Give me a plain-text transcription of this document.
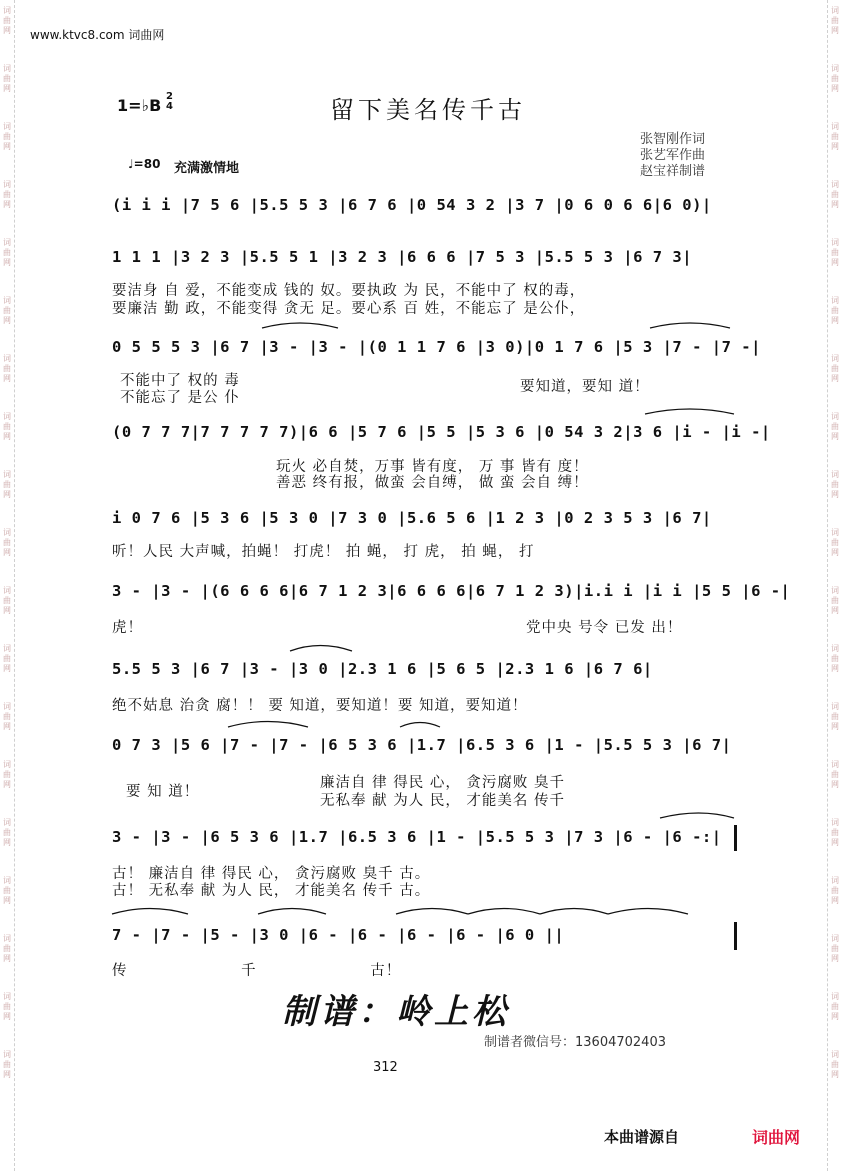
词曲网
词曲网
词曲网
词曲网
词曲网
词曲网
词曲网
词曲网
词曲网
词曲网
词曲网
词曲网
词曲网
词曲网
词曲网
词曲网
词曲网
词曲网
词曲网
词曲网
词曲网
词曲网
词曲网
词曲网
词曲网
词曲网
词曲网
词曲网
词曲网
词曲网
词曲网
词曲网
词曲网
词曲网
词曲网
词曲网
词曲网
词曲网
www.ktvc8.com 词曲网
1=♭B 2
4	留下美名传千古
张智刚作词
张艺军作曲
赵宝祥制谱
♩=80 充满激情地
(i i i |7 5 6 |5.5 5 3 |6 7 6 |0 54 3 2 |3 7 |0 6 0 6 6|6 0)|
1 1 1 |3 2 3 |5.5 5 1 |3 2 3 |6 6 6 |7 5 3 |5.5 5 3 |6 7 3|
要洁身 自 爱，不能变成 钱的 奴。要执政 为 民，不能中了 权的毒，
要廉洁 勤 政，不能变得 贪无 足。要心系 百 姓，不能忘了 是公仆，
0 5 5 5 3 |6 7 |3 - |3 - |(0 1 1 7 6 |3 0)|0 1 7 6 |5 3 |7 - |7 -|
不能中了 权的 毒
不能忘了 是公 仆
要知道，要知 道！
(0 7 7 7|7 7 7 7 7)|6 6 |5 7 6 |5 5 |5 3 6 |0 54 3 2|3 6 |i - |i -|
玩火 必自焚，万事 皆有度， 万 事 皆有 度！
善恶 终有报，做蛮 会自缚， 做 蛮 会自 缚！
i 0 7 6 |5 3 6 |5 3 0 |7 3 0 |5.6 5 6 |1 2 3 |0 2 3 5 3 |6 7|
听！人民 大声喊，拍蝇！ 打虎！ 拍 蝇， 打 虎， 拍 蝇， 打
3 - |3 - |(6 6 6 6|6 7 1 2 3|6 6 6 6|6 7 1 2 3)|i.i i |i i |5 5 |6 -|
虎！	党中央 号令 已发 出！
5.5 5 3 |6 7 |3 - |3 0 |2.3 1 6 |5 6 5 |2.3 1 6 |6 7 6|
绝不姑息 治贪 腐！！ 要 知道，要知道！要 知道，要知道！
0 7 3 |5 6 |7 - |7 - |6 5 3 6 |1.7 |6.5 3 6 |1 - |5.5 5 3 |6 7|
要 知 道！
廉洁自 律 得民 心， 贪污腐败 臭千
无私奉 献 为人 民， 才能美名 传千
3 - |3 - |6 5 3 6 |1.7 |6.5 3 6 |1 - |5.5 5 3 |7 3 |6 - |6 -:|
古！ 廉洁自 律 得民 心， 贪污腐败 臭千 古。
古！ 无私奉 献 为人 民， 才能美名 传千 古。
7 - |7 - |5 - |3 0 |6 - |6 - |6 - |6 - |6 0 ||
传 千 古！
制谱：岭上松
制谱者微信号：13604702403
312
本曲谱源自	词曲网
